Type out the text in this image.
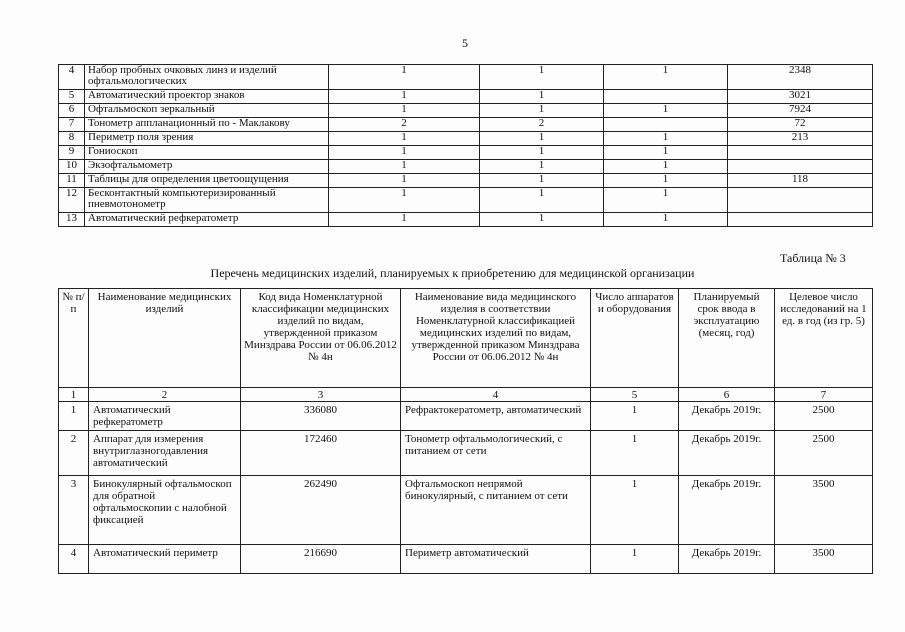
5
4	Набор пробных очковых линз и изделий офтальмологических	1	1	1	2348
5	Автоматический проектор знаков	1	1		3021
6	Офтальмоскоп зеркальный	1	1	1	7924
7	Тонометр аппланационный по - Маклакову	2	2		72
8	Периметр поля зрения	1	1	1	213
9	Гониоскоп	1	1	1	
10	Экзофтальмометр	1	1	1	
11	Таблицы для определения цветоощущения	1	1	1	118
12	Бесконтактный компьютеризированный пневмотонометр	1	1	1	
13	Автоматический рефкератометр	1	1	1	
Таблица № 3
Перечень медицинских изделий, планируемых к приобретению для медицинской организации
№ п/п	Наименование медицинских изделий	Код вида Номенклатурной классификации медицинских изделий по видам, утвержденной приказом Минздрава России от 06.06.2012 № 4н	Наименование вида медицинского изделия в соответствии Номенклатурной классификацией медицинских изделий по видам, утвержденной приказом Минздрава России от 06.06.2012 № 4н	Число аппаратов и оборудования	Планируемый срок ввода в эксплуатацию (месяц, год)	Целевое число исследований на 1 ед. в год (из гр. 5)
1	2	3	4	5	6	7
1	Автоматический рефкератометр	336080	Рефрактокератометр, автоматический	1	Декабрь 2019г.	2500
2	Аппарат для измерения внутриглазногодавления автоматический	172460	Тонометр офтальмологический, с питанием от сети	1	Декабрь 2019г.	2500
3	Бинокулярный офтальмоскоп для обратной офтальмоскопии с налобной фиксацией	262490	Офтальмоскоп непрямой бинокулярный, с питанием от сети	1	Декабрь 2019г.	3500
4	Автоматический периметр	216690	Периметр автоматический	1	Декабрь 2019г.	3500
